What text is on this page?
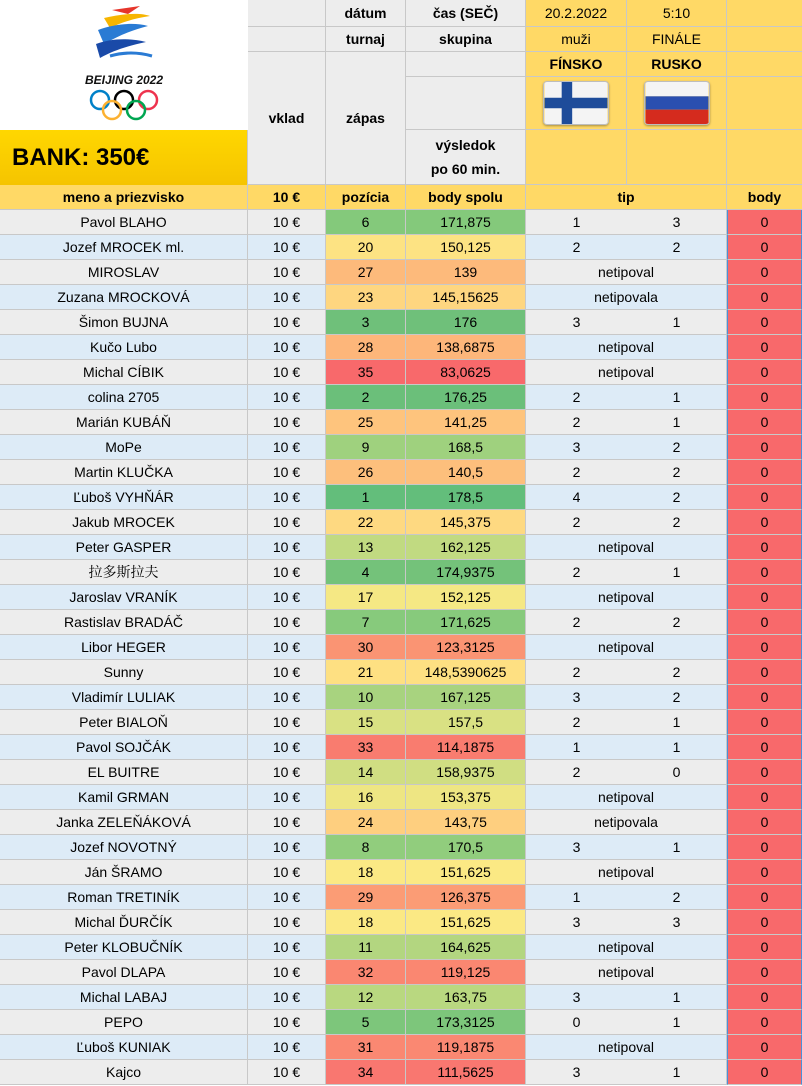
BEIJING 2022
BANK: 350€
dátum	čas (SEČ)	20.2.2022	5:10
turnaj	skupina	muži	FINÁLE
vklad	zápas
výsledok
po 60 min.
FÍNSKO	RUSKO
meno a priezvisko	10 €	pozícia	body spolu	tip	body
Pavol BLAHO	10 €	6	171,875	1	3	0
Jozef MROCEK ml.	10 €	20	150,125	2	2	0
MIROSLAV	10 €	27	139	netipoval	0
Zuzana MROCKOVÁ	10 €	23	145,15625	netipovala	0
Šimon BUJNA	10 €	3	176	3	1	0
Kučo Lubo	10 €	28	138,6875	netipoval	0
Michal CÍBIK	10 €	35	83,0625	netipoval	0
colina 2705	10 €	2	176,25	2	1	0
Marián KUBÁŇ	10 €	25	141,25	2	1	0
MoPe	10 €	9	168,5	3	2	0
Martin KLUČKA	10 €	26	140,5	2	2	0
Ľuboš VYHŇÁR	10 €	1	178,5	4	2	0
Jakub MROCEK	10 €	22	145,375	2	2	0
Peter GASPER	10 €	13	162,125	netipoval	0
拉多斯拉夫	10 €	4	174,9375	2	1	0
Jaroslav VRANÍK	10 €	17	152,125	netipoval	0
Rastislav BRADÁČ	10 €	7	171,625	2	2	0
Libor HEGER	10 €	30	123,3125	netipoval	0
Sunny	10 €	21	148,5390625	2	2	0
Vladimír LULIAK	10 €	10	167,125	3	2	0
Peter BIALOŇ	10 €	15	157,5	2	1	0
Pavol SOJČÁK	10 €	33	114,1875	1	1	0
EL BUITRE	10 €	14	158,9375	2	0	0
Kamil GRMAN	10 €	16	153,375	netipoval	0
Janka ZELEŇÁKOVÁ	10 €	24	143,75	netipovala	0
Jozef NOVOTNÝ	10 €	8	170,5	3	1	0
Ján ŠRAMO	10 €	18	151,625	netipoval	0
Roman TRETINÍK	10 €	29	126,375	1	2	0
Michal ĎURČÍK	10 €	18	151,625	3	3	0
Peter KLOBUČNÍK	10 €	11	164,625	netipoval	0
Pavol DLAPA	10 €	32	119,125	netipoval	0
Michal LABAJ	10 €	12	163,75	3	1	0
PEPO	10 €	5	173,3125	0	1	0
Ľuboš KUNIAK	10 €	31	119,1875	netipoval	0
Kajco	10 €	34	111,5625	3	1	0
